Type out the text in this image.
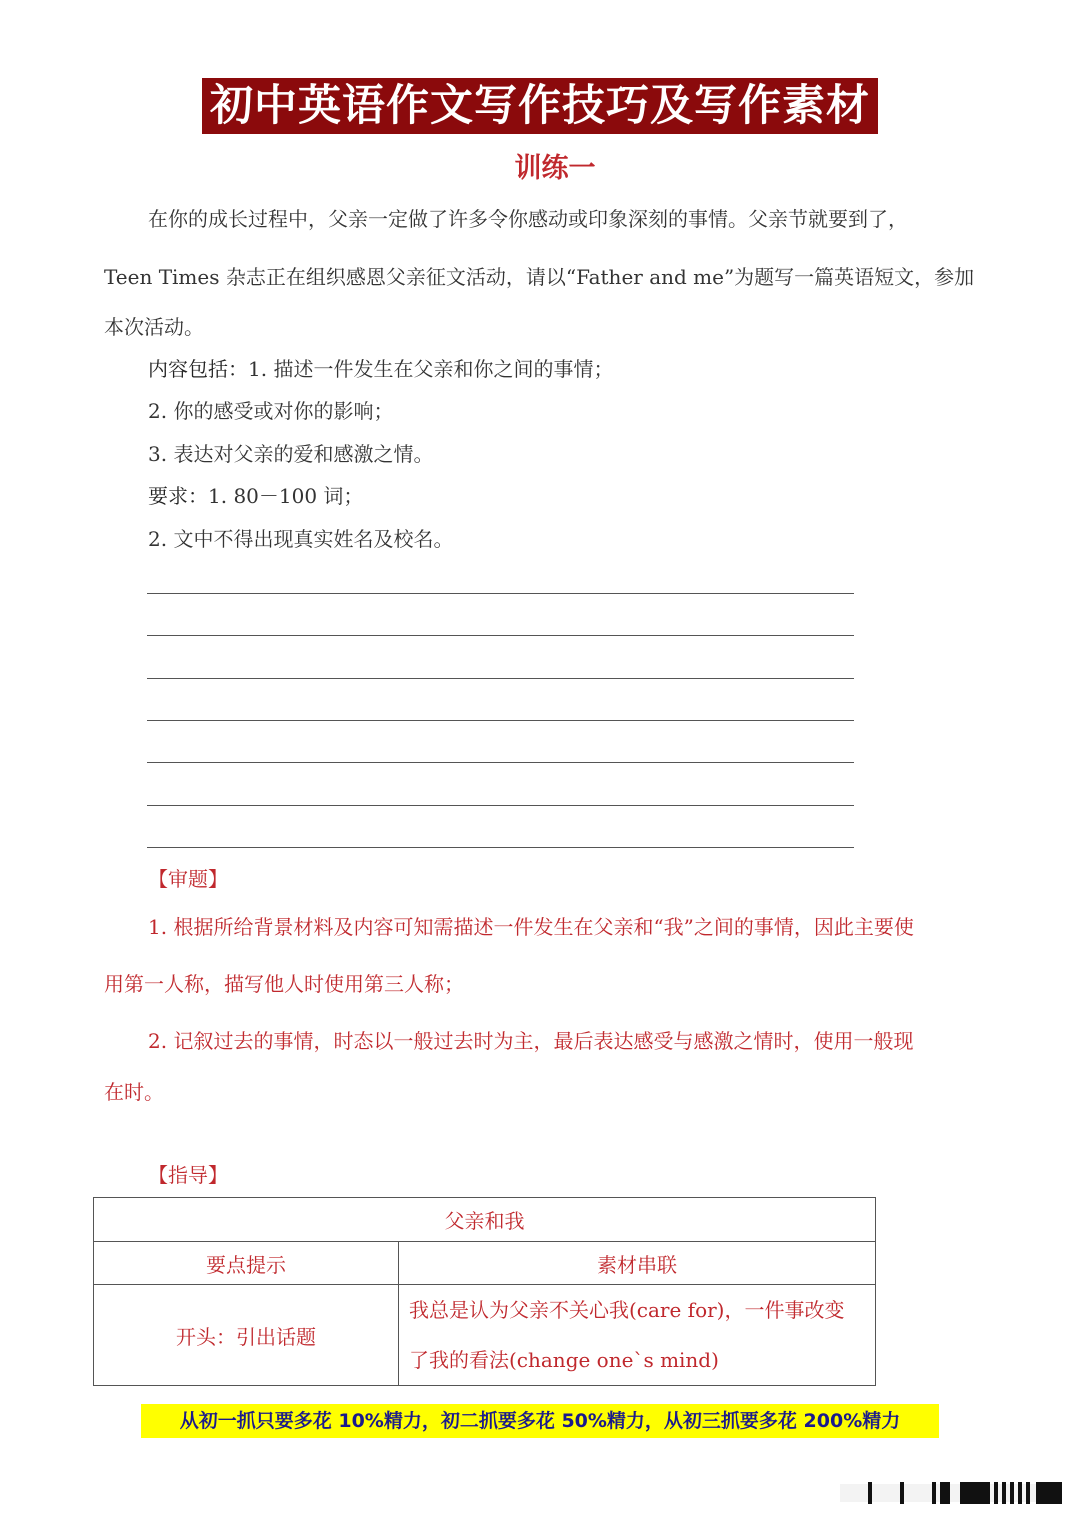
初中英语作文写作技巧及写作素材
训练一
在你的成长过程中，父亲一定做了许多令你感动或印象深刻的事情。父亲节就要到了，
Teen Times 杂志正在组织感恩父亲征文活动，请以“Father and me”为题写一篇英语短文，参加
本次活动。
内容包括：1. 描述一件发生在父亲和你之间的事情；
2. 你的感受或对你的影响；
3. 表达对父亲的爱和感激之情。
要求：1. 80－100 词；
2. 文中不得出现真实姓名及校名。
【审题】
1. 根据所给背景材料及内容可知需描述一件发生在父亲和“我”之间的事情，因此主要使
用第一人称，描写他人时使用第三人称；
2. 记叙过去的事情，时态以一般过去时为主，最后表达感受与感激之情时，使用一般现
在时。
【指导】
父亲和我	
要点提示	素材串联
开头：引出话题	我总是认为父亲不关心我(care for)，一件事改变
了我的看法(change one`s mind)
从初一抓只要多花 10%精力，初二抓要多花 50%精力，从初三抓要多花 200%精力
